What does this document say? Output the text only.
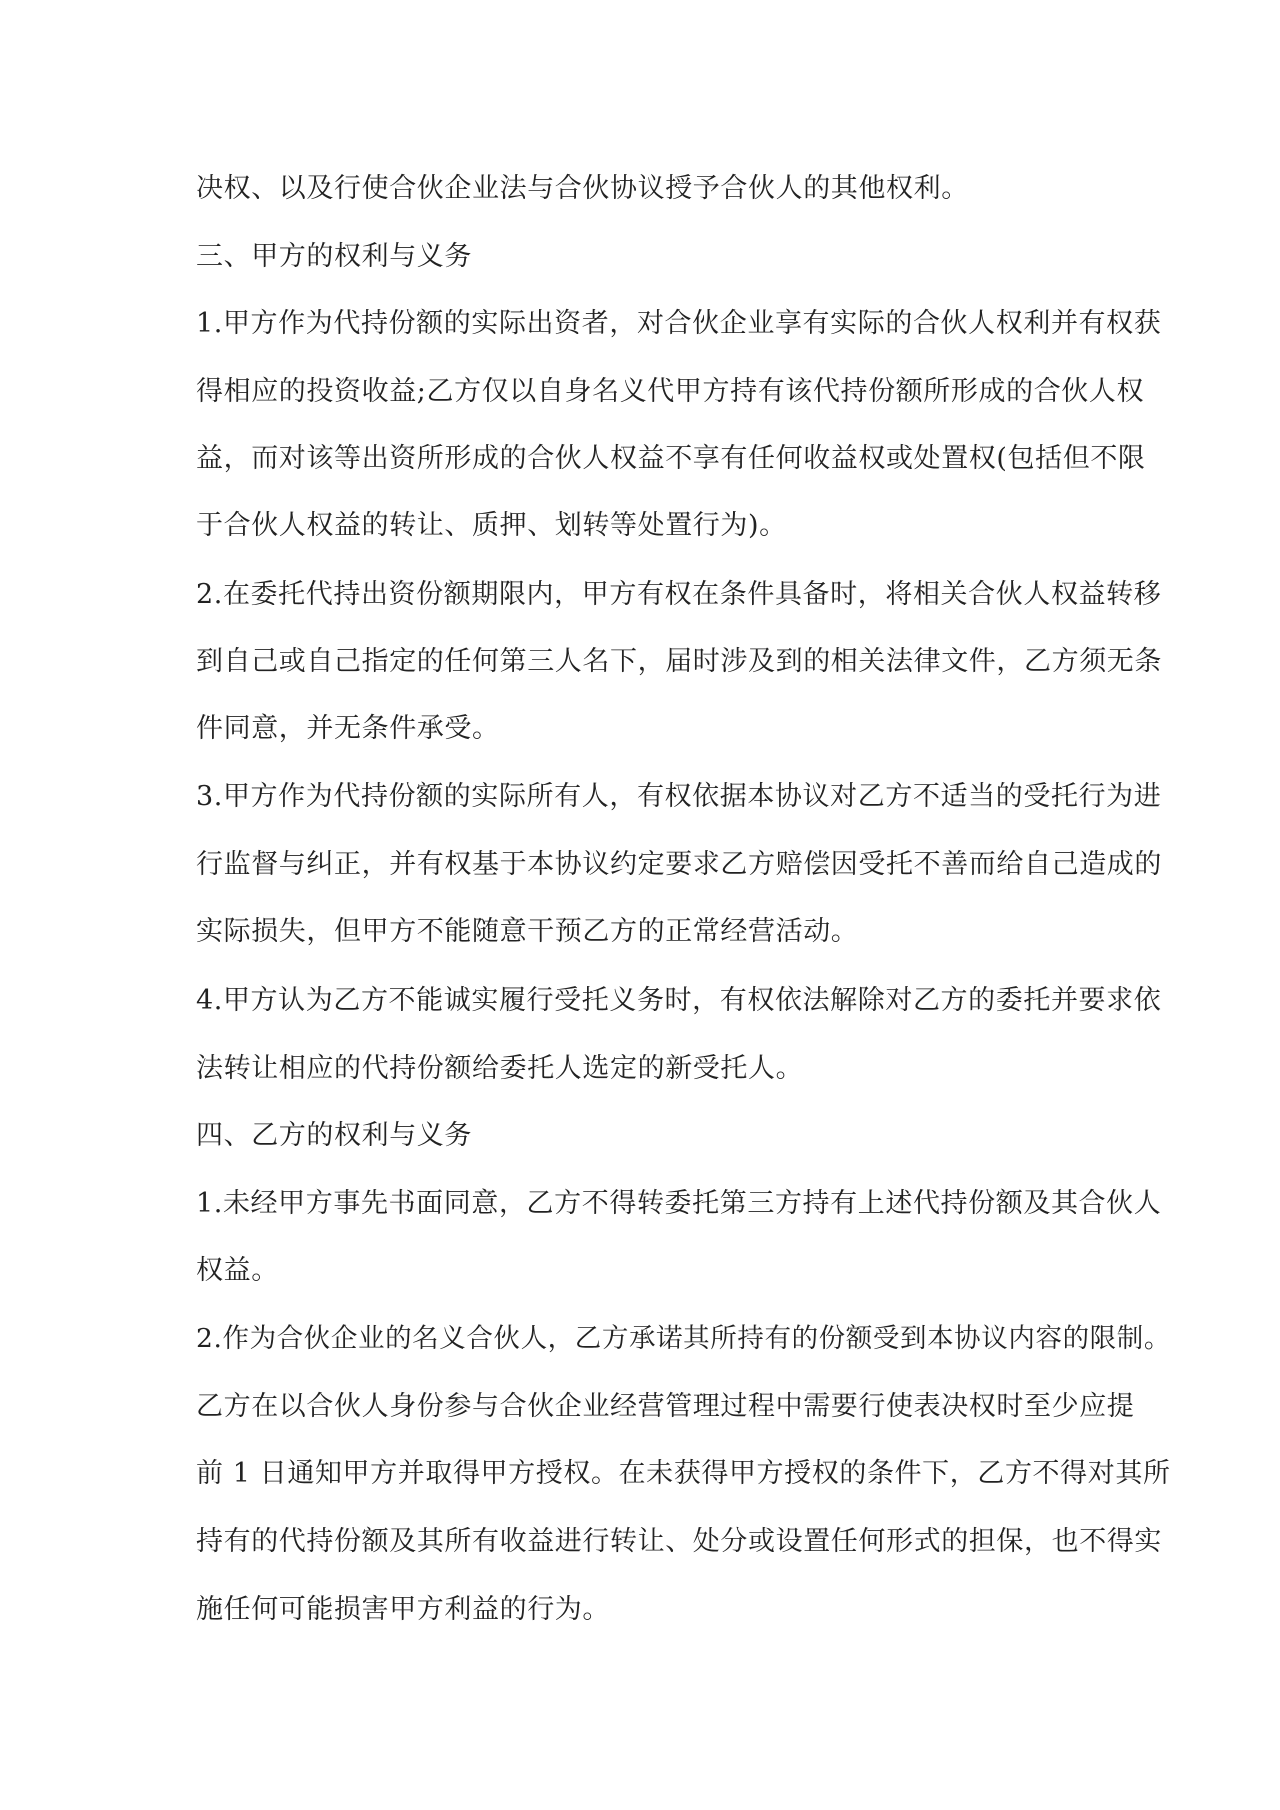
决权、以及行使合伙企业法与合伙协议授予合伙人的其他权利。
三、甲方的权利与义务
1.甲方作为代持份额的实际出资者，对合伙企业享有实际的合伙人权利并有权获
得相应的投资收益;乙方仅以自身名义代甲方持有该代持份额所形成的合伙人权
益，而对该等出资所形成的合伙人权益不享有任何收益权或处置权(包括但不限
于合伙人权益的转让、质押、划转等处置行为)。
2.在委托代持出资份额期限内，甲方有权在条件具备时，将相关合伙人权益转移
到自己或自己指定的任何第三人名下，届时涉及到的相关法律文件，乙方须无条
件同意，并无条件承受。
3.甲方作为代持份额的实际所有人，有权依据本协议对乙方不适当的受托行为进
行监督与纠正，并有权基于本协议约定要求乙方赔偿因受托不善而给自己造成的
实际损失，但甲方不能随意干预乙方的正常经营活动。
4.甲方认为乙方不能诚实履行受托义务时，有权依法解除对乙方的委托并要求依
法转让相应的代持份额给委托人选定的新受托人。
四、乙方的权利与义务
1.未经甲方事先书面同意，乙方不得转委托第三方持有上述代持份额及其合伙人
权益。
2.作为合伙企业的名义合伙人，乙方承诺其所持有的份额受到本协议内容的限制。
乙方在以合伙人身份参与合伙企业经营管理过程中需要行使表决权时至少应提
前 1 日通知甲方并取得甲方授权。在未获得甲方授权的条件下，乙方不得对其所
持有的代持份额及其所有收益进行转让、处分或设置任何形式的担保，也不得实
施任何可能损害甲方利益的行为。
